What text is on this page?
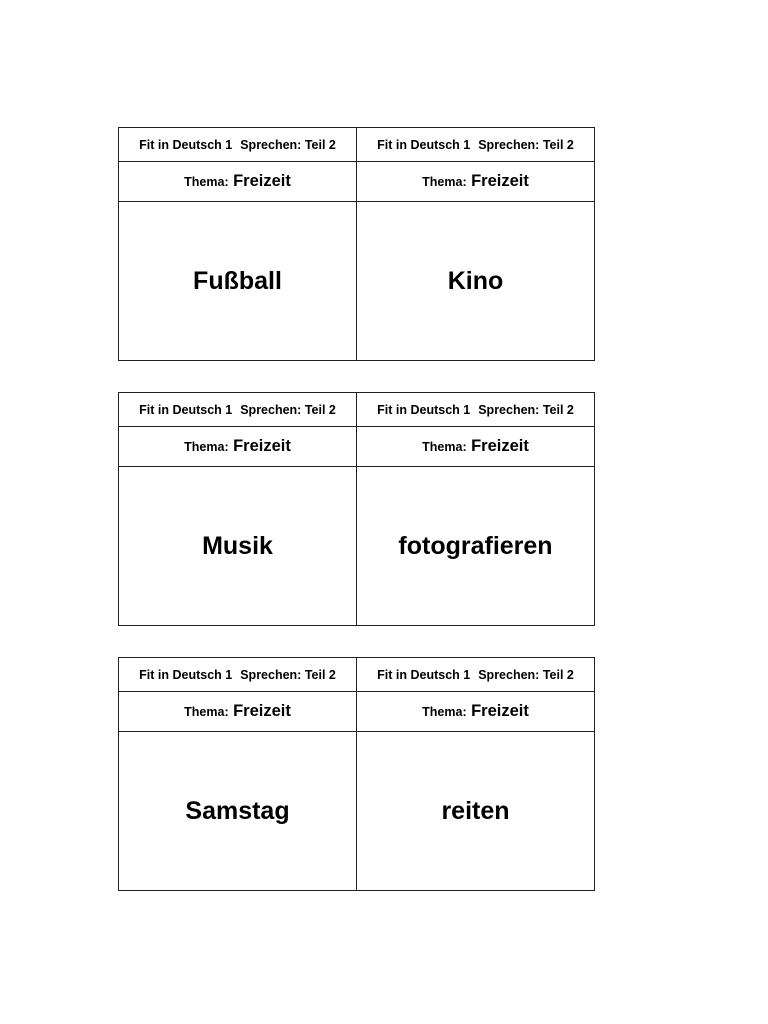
Fit in Deutsch 1 Sprechen: Teil 2	Fit in Deutsch 1 Sprechen: Teil 2
Thema: Freizeit	Thema: Freizeit
Fußball	Kino
Fit in Deutsch 1 Sprechen: Teil 2	Fit in Deutsch 1 Sprechen: Teil 2
Thema: Freizeit	Thema: Freizeit
Musik	fotografieren
Fit in Deutsch 1 Sprechen: Teil 2	Fit in Deutsch 1 Sprechen: Teil 2
Thema: Freizeit	Thema: Freizeit
Samstag	reiten
